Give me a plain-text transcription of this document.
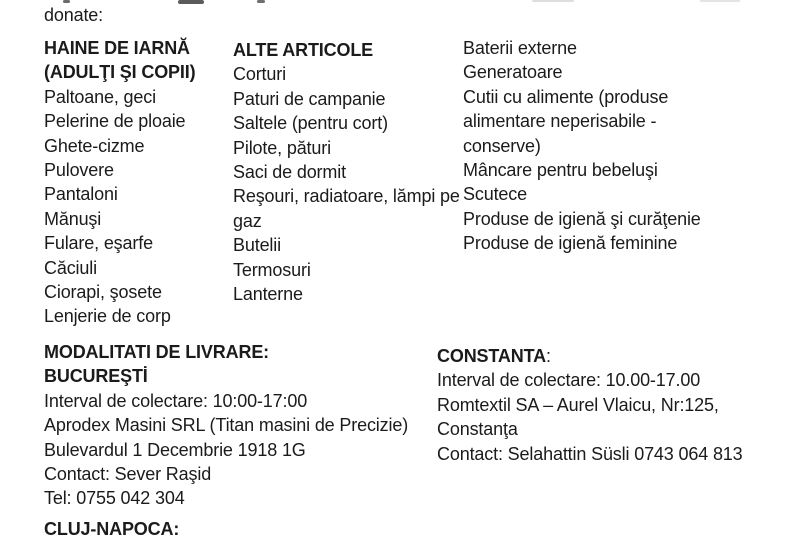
donate:
HAINE DE IARNĂ
(ADULŢI ŞI COPII)
Paltoane, geci
Pelerine de ploaie
Ghete-cizme
Pulovere
Pantaloni
Mănuşi
Fulare, eşarfe
Căciuli
Ciorapi, şosete
Lenjerie de corp
ALTE ARTICOLE
Corturi
Paturi de campanie
Saltele (pentru cort)
Pilote, pături
Saci de dormit
Reşouri, radiatoare, lămpi pe gaz
Butelii
Termosuri
Lanterne
Baterii externe
Generatoare
Cutii cu alimente (produse alimentare neperisabile - conserve)
Mâncare pentru bebeluşi
Scutece
Produse de igienă şi curăţenie
Produse de igienă feminine
MODALITATI DE LIVRARE:
BUCUREŞTİ
Interval de colectare: 10:00-17:00
Aprodex Masini SRL (Titan masini de Precizie)
Bulevardul 1 Decembrie 1918 1G
Contact: Sever Raşid
Tel: 0755 042 304
CONSTANTA:
Interval de colectare: 10.00-17.00
Romtextil SA – Aurel Vlaicu, Nr:125, Constanţa
Contact: Selahattin Süsli 0743 064 813
CLUJ-NAPOCA:
